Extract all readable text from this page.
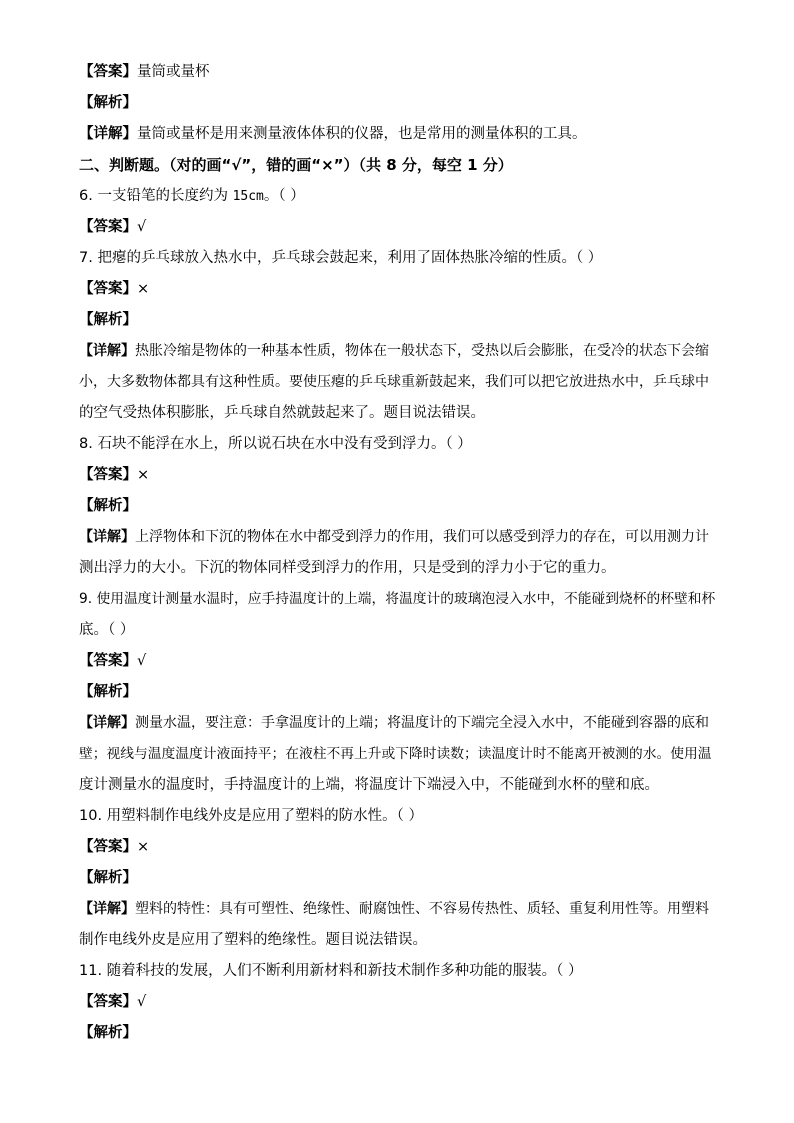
【答案】量筒或量杯
【解析】
【详解】量筒或量杯是用来测量液体体积的仪器，也是常用的测量体积的工具。
二、判断题。（对的画“√”，错的画“×”）（共 8 分，每空 1 分）
6. 一支铅笔的长度约为 15cm。（ ）
【答案】√
7. 把瘪的乒乓球放入热水中，乒乓球会鼓起来，利用了固体热胀冷缩的性质。（ ）
【答案】×
【解析】
【详解】热胀冷缩是物体的一种基本性质，物体在一般状态下，受热以后会膨胀，在受冷的状态下会缩
小，大多数物体都具有这种性质。要使压瘪的乒乓球重新鼓起来，我们可以把它放进热水中，乒乓球中
的空气受热体积膨胀，乒乓球自然就鼓起来了。题目说法错误。
8. 石块不能浮在水上，所以说石块在水中没有受到浮力。（ ）
【答案】×
【解析】
【详解】上浮物体和下沉的物体在水中都受到浮力的作用，我们可以感受到浮力的存在，可以用测力计
测出浮力的大小。下沉的物体同样受到浮力的作用，只是受到的浮力小于它的重力。
9. 使用温度计测量水温时，应手持温度计的上端，将温度计的玻璃泡浸入水中，不能碰到烧杯的杯壁和杯
底。（ ）
【答案】√
【解析】
【详解】测量水温，要注意：手拿温度计的上端；将温度计的下端完全浸入水中，不能碰到容器的底和
壁；视线与温度温度计液面持平；在液柱不再上升或下降时读数；读温度计时不能离开被测的水。使用温
度计测量水的温度时，手持温度计的上端，将温度计下端浸入中，不能碰到水杯的壁和底。
10. 用塑料制作电线外皮是应用了塑料的防水性。（ ）
【答案】×
【解析】
【详解】塑料的特性：具有可塑性、绝缘性、耐腐蚀性、不容易传热性、质轻、重复利用性等。用塑料
制作电线外皮是应用了塑料的绝缘性。题目说法错误。
11. 随着科技的发展，人们不断利用新材料和新技术制作多种功能的服装。（ ）
【答案】√
【解析】
